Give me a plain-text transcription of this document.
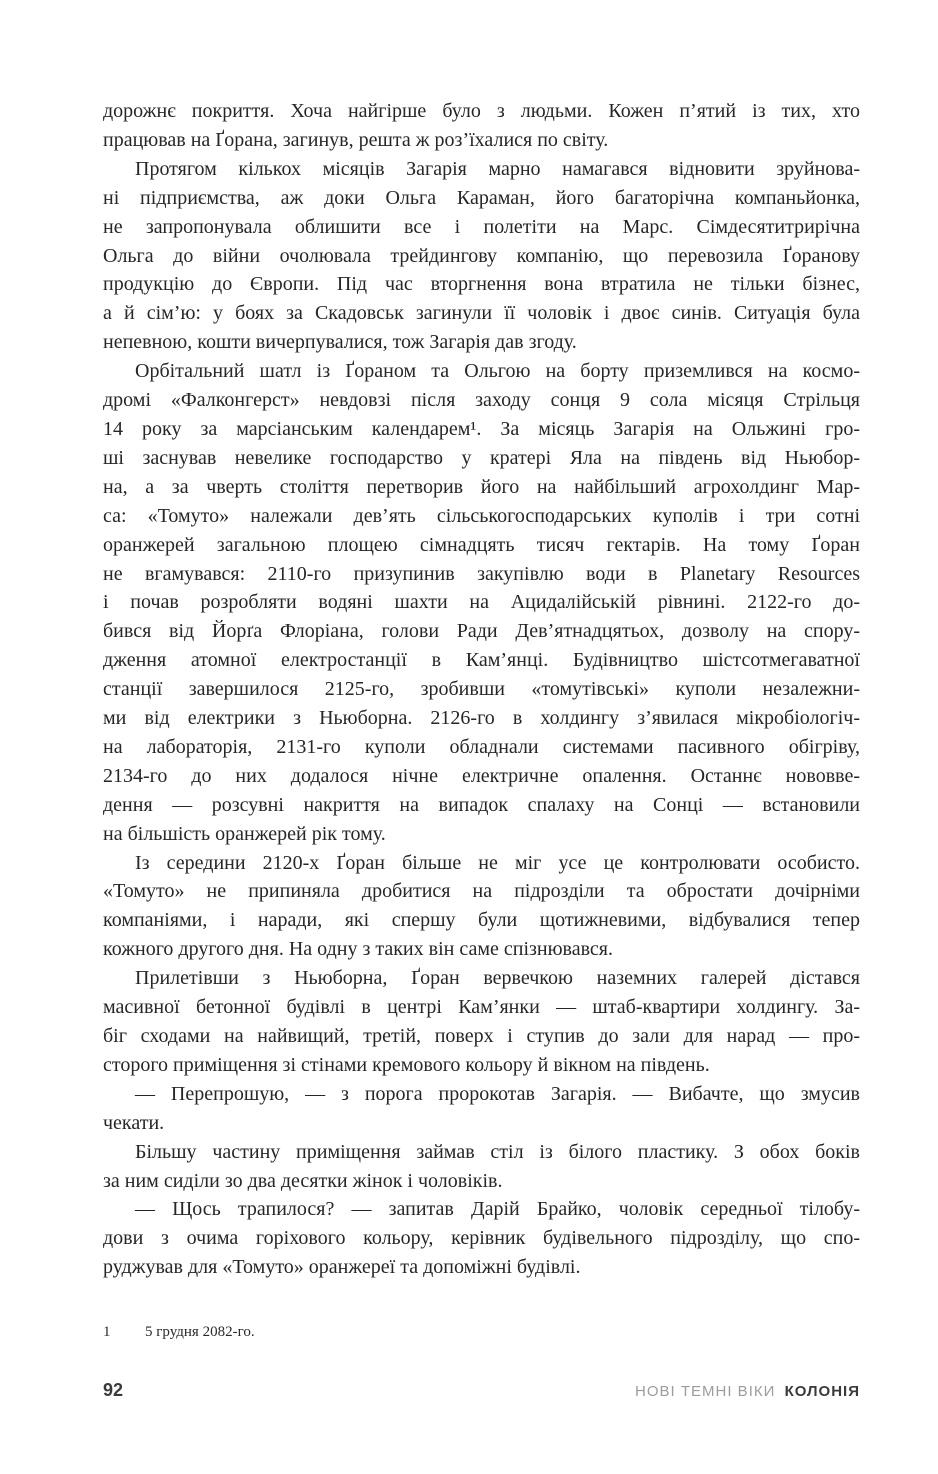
дорожнє покриття. Хоча найгірше було з людьми. Кожен п’ятий із тих, хто
працював на Ґорана, загинув, решта ж роз’їхалися по світу.
Протягом кількох місяців Загарія марно намагався відновити зруйнова-
ні підприємства, аж доки Ольга Караман, його багаторічна компаньйонка,
не запропонувала облишити все і полетіти на Марс. Сімдесятитрирічна
Ольга до війни очолювала трейдингову компанію, що перевозила Ґоранову
продукцію до Європи. Під час вторгнення вона втратила не тільки бізнес,
а й сім’ю: у боях за Скадовськ загинули її чоловік і двоє синів. Ситуація була
непевною, кошти вичерпувалися, тож Загарія дав згоду.
Орбітальний шатл із Ґораном та Ольгою на борту приземлився на космо-
дромі «Фалконгерст» невдовзі після заходу сонця 9 сола місяця Стрільця
14 року за марсіанським календарем¹. За місяць Загарія на Ольжині гро-
ші заснував невелике господарство у кратері Яла на південь від Ньюбор-
на, а за чверть століття перетворив його на найбільший агрохолдинг Мар-
са: «Томуто» належали дев’ять сільськогосподарських куполів і три сотні
оранжерей загальною площею сімнадцять тисяч гектарів. На тому Ґоран
не вгамувався: 2110-го призупинив закупівлю води в Planetary Resources
і почав розробляти водяні шахти на Ацидалійській рівнині. 2122-го до-
бився від Йорґа Флоріана, голови Ради Дев’ятнадцятьох, дозволу на спору-
дження атомної електростанції в Кам’янці. Будівництво шістсотмегаватної
станції завершилося 2125-го, зробивши «томутівські» куполи незалежни-
ми від електрики з Ньюборна. 2126-го в холдингу з’явилася мікробіологіч-
на лабораторія, 2131-го куполи обладнали системами пасивного обігріву,
2134-го до них додалося нічне електричне опалення. Останнє нововве-
дення — розсувні накриття на випадок спалаху на Сонці — встановили
на більшість оранжерей рік тому.
Із середини 2120-х Ґоран більше не міг усе це контролювати особисто.
«Томуто» не припиняла дробитися на підрозділи та обростати дочірніми
компаніями, і наради, які спершу були щотижневими, відбувалися тепер
кожного другого дня. На одну з таких він саме спізнювався.
Прилетівши з Ньюборна, Ґоран вервечкою наземних галерей дістався
масивної бетонної будівлі в центрі Кам’янки — штаб-квартири холдингу. За-
біг сходами на найвищий, третій, поверх і ступив до зали для нарад — про-
сторого приміщення зі стінами кремового кольору й вікном на південь.
— Перепрошую, — з порога пророкотав Загарія. — Вибачте, що змусив
чекати.
Більшу частину приміщення займав стіл із білого пластику. З обох боків
за ним сиділи зо два десятки жінок і чоловіків.
— Щось трапилося? — запитав Дарій Брайко, чоловік середньої тілобу-
дови з очима горіхового кольору, керівник будівельного підрозділу, що спо-
руджував для «Томуто» оранжереї та допоміжні будівлі.
1	5 грудня 2082-го.
92	НОВІ ТЕМНІ ВІКИ КОЛОНІЯ
